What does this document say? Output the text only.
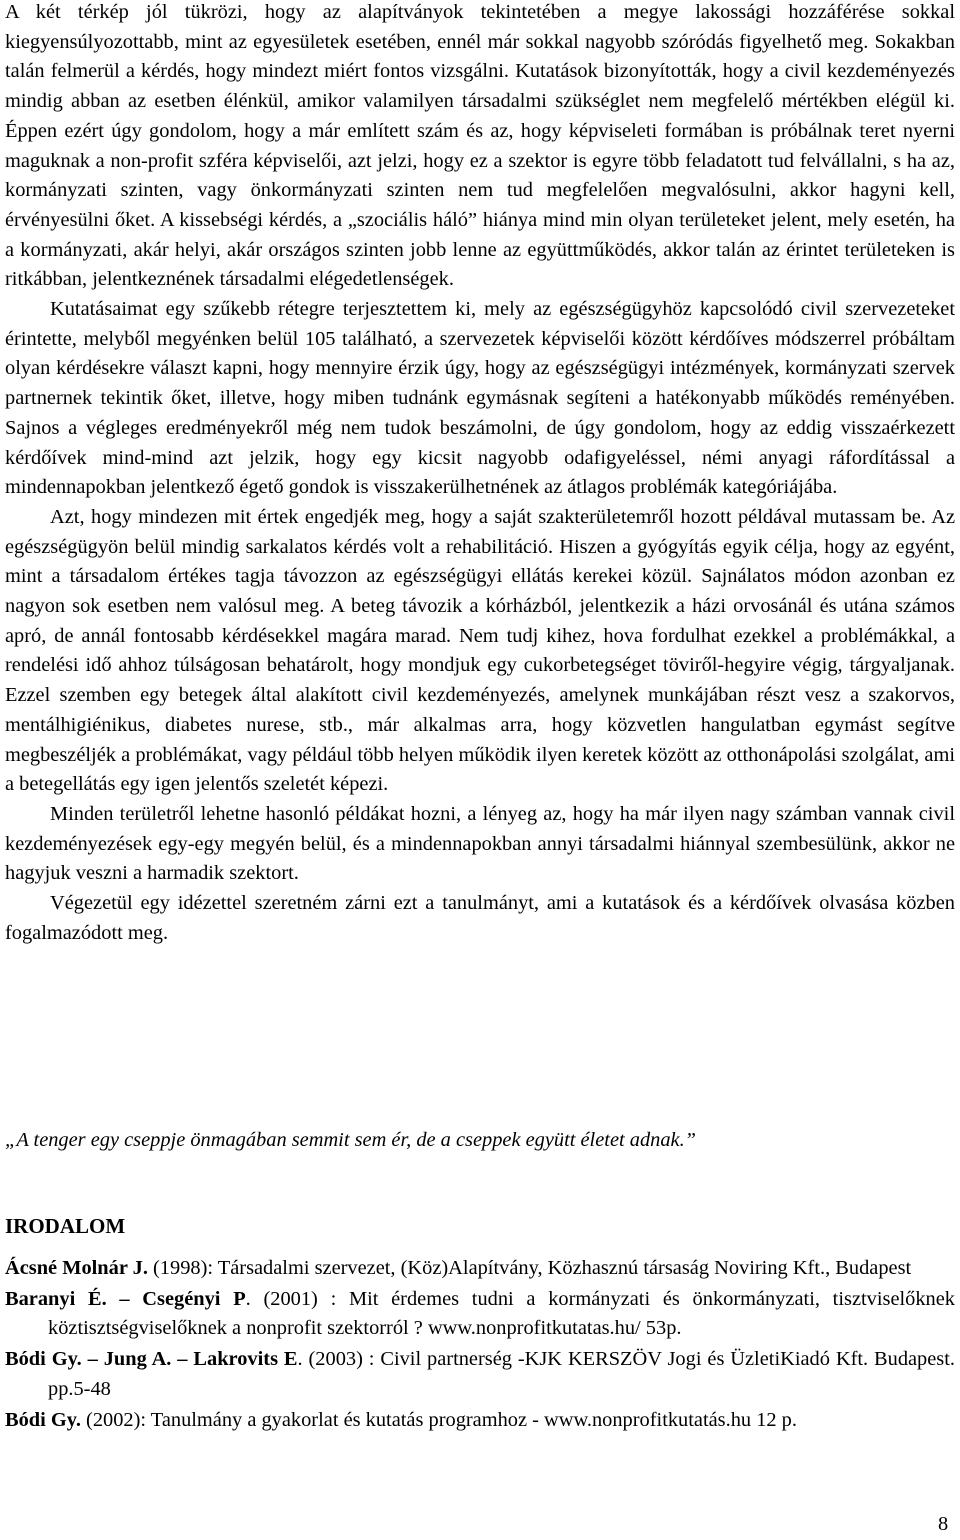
A két térkép jól tükrözi, hogy az alapítványok tekintetében a megye lakossági hozzáférése sokkal kiegyensúlyozottabb, mint az egyesületek esetében, ennél már sokkal nagyobb szóródás figyelhető meg. Sokakban talán felmerül a kérdés, hogy mindezt miért fontos vizsgálni. Kutatások bizonyították, hogy a civil kezdeményezés mindig abban az esetben élénkül, amikor valamilyen társadalmi szükséglet nem megfelelő mértékben elégül ki. Éppen ezért úgy gondolom, hogy a már említett szám és az, hogy képviseleti formában is próbálnak teret nyerni maguknak a non-profit szféra képviselői, azt jelzi, hogy ez a szektor is egyre több feladatott tud felvállalni, s ha az, kormányzati szinten, vagy önkormányzati szinten nem tud megfelelően megvalósulni, akkor hagyni kell, érvényesülni őket. A kissebségi kérdés, a „szociális háló” hiánya mind min olyan területeket jelent, mely esetén, ha a kormányzati, akár helyi, akár országos szinten jobb lenne az együttműködés, akkor talán az érintet területeken is ritkábban, jelentkeznének társadalmi elégedetlenségek.

Kutatásaimat egy szűkebb rétegre terjesztettem ki, mely az egészségügyhöz kapcsolódó civil szervezeteket érintette, melyből megyénken belül 105 található, a szervezetek képviselői között kérdőíves módszerrel próbáltam olyan kérdésekre választ kapni, hogy mennyire érzik úgy, hogy az egészségügyi intézmények, kormányzati szervek partnernek tekintik őket, illetve, hogy miben tudnánk egymásnak segíteni a hatékonyabb működés reményében. Sajnos a végleges eredményekről még nem tudok beszámolni, de úgy gondolom, hogy az eddig visszaérkezett kérdőívek mind-mind azt jelzik, hogy egy kicsit nagyobb odafigyeléssel, némi anyagi ráfordítással a mindennapokban jelentkező égető gondok is visszakerülhetnének az átlagos problémák kategóriájába.

Azt, hogy mindezen mit értek engedjék meg, hogy a saját szakterületemről hozott példával mutassam be. Az egészségügyön belül mindig sarkalatos kérdés volt a rehabilitáció. Hiszen a gyógyítás egyik célja, hogy az egyént, mint a társadalom értékes tagja távozzon az egészségügyi ellátás kerekei közül. Sajnálatos módon azonban ez nagyon sok esetben nem valósul meg. A beteg távozik a kórházból, jelentkezik a házi orvosánál és utána számos apró, de annál fontosabb kérdésekkel magára marad. Nem tudj kihez, hova fordulhat ezekkel a problémákkal, a rendelési idő ahhoz túlságosan behatárolt, hogy mondjuk egy cukorbetegséget töviről-hegyire végig, tárgyaljanak. Ezzel szemben egy betegek által alakított civil kezdeményezés, amelynek munkájában részt vesz a szakorvos, mentálhigiénikus, diabetes nurese, stb., már alkalmas arra, hogy közvetlen hangulatban egymást segítve megbeszéljék a problémákat, vagy például több helyen működik ilyen keretek között az otthonápolási szolgálat, ami a betegellátás egy igen jelentős szeletét képezi.

Minden területről lehetne hasonló példákat hozni, a lényeg az, hogy ha már ilyen nagy számban vannak civil kezdeményezések egy-egy megyén belül, és a mindennapokban annyi társadalmi hiánnyal szembesülünk, akkor ne hagyjuk veszni a harmadik szektort.

Végezetül egy idézettel szeretném zárni ezt a tanulmányt, ami a kutatások és a kérdőívek olvasása közben fogalmazódott meg.

„A tenger egy cseppje önmagában semmit sem ér, de a cseppek együtt életet adnak.”

IRODALOM

Ácsné Molnár J. (1998): Társadalmi szervezet, (Köz)Alapítvány, Közhasznú társaság Noviring Kft., Budapest

Baranyi É. – Csegényi P. (2001) : Mit érdemes tudni a kormányzati és önkormányzati, tisztviselőknek köztisztségviselőknek a nonprofit szektorról ? www.nonprofitkutatas.hu/ 53p.

Bódi Gy. – Jung A. – Lakrovits E. (2003) : Civil partnerség -KJK KERSZÖV Jogi és ÜzletiKiadó Kft. Budapest. pp.5-48

Bódi Gy. (2002): Tanulmány a gyakorlat és kutatás programhoz - www.nonprofitkutatás.hu 12 p.

8
